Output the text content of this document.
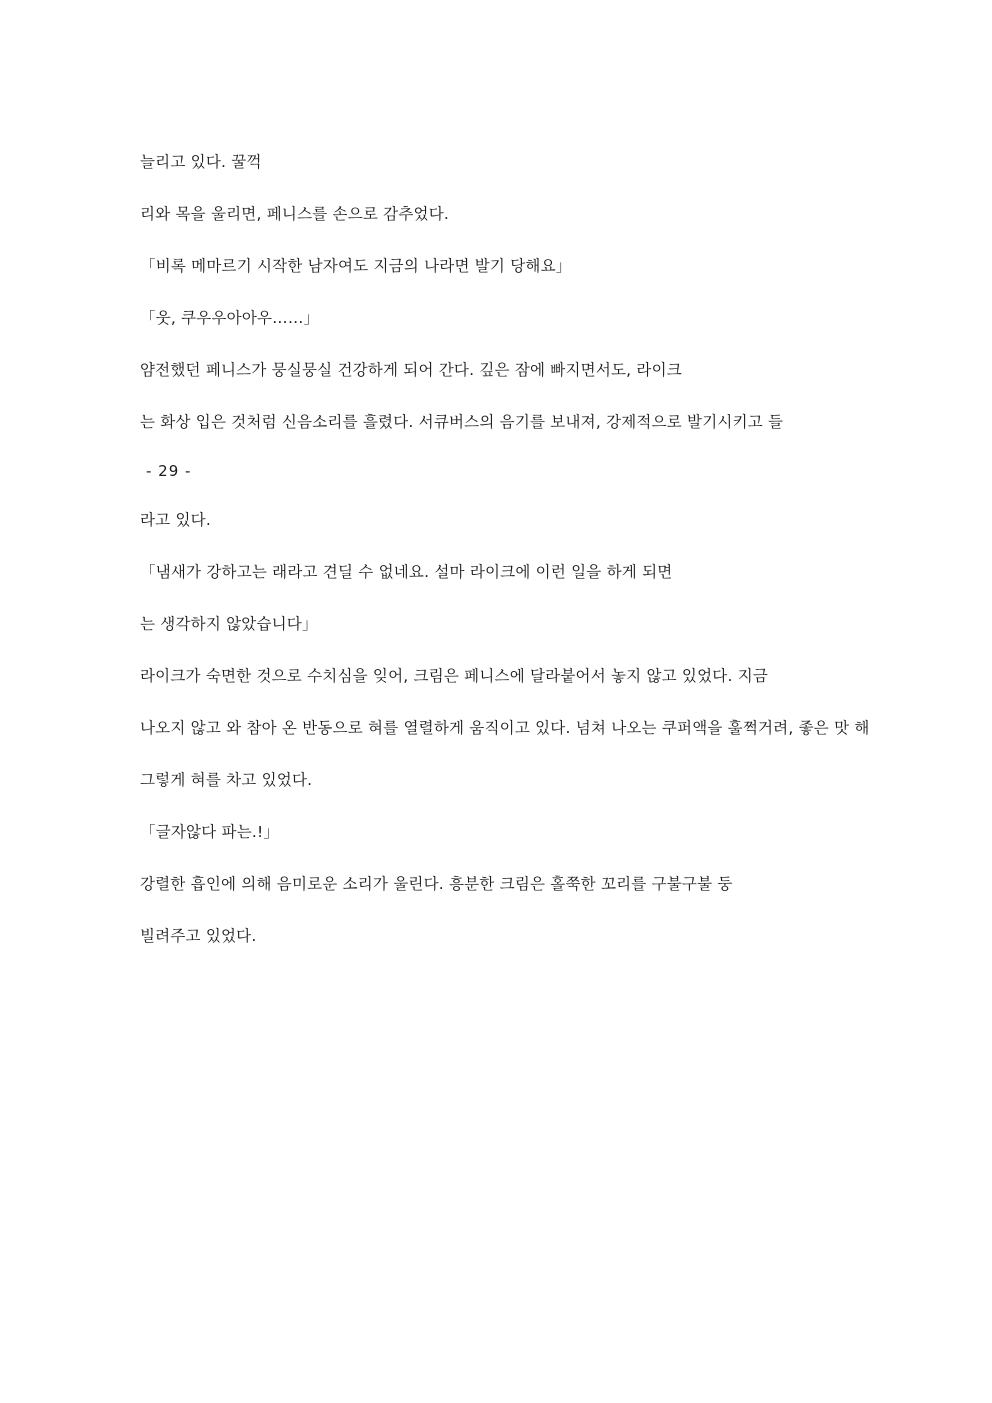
늘리고 있다. 꿀꺽

리와 목을 울리면, 페니스를 손으로 감추었다.

「비록 메마르기 시작한 남자여도 지금의 나라면 발기 당해요」

「웃, 쿠우우아아우……」

얌전했던 페니스가 뭉실뭉실 건강하게 되어 간다. 깊은 잠에 빠지면서도, 라이크

는 화상 입은 것처럼 신음소리를 흘렸다. 서큐버스의 음기를 보내져, 강제적으로 발기시키고 들

- 29 -

라고 있다.

「냄새가 강하고는 래라고 견딜 수 없네요. 설마 라이크에 이런 일을 하게 되면

는 생각하지 않았습니다」

라이크가 숙면한 것으로 수치심을 잊어, 크림은 페니스에 달라붙어서 놓지 않고 있었다. 지금

나오지 않고 와 참아 온 반동으로 혀를 열렬하게 움직이고 있다. 넘쳐 나오는 쿠퍼액을 훌쩍거려, 좋은 맛 해

그렇게 혀를 차고 있었다.

「글자않다 파는.!」

강렬한 흡인에 의해 음미로운 소리가 울린다. 흥분한 크림은 홀쭉한 꼬리를 구불구불 둥

빌려주고 있었다.
